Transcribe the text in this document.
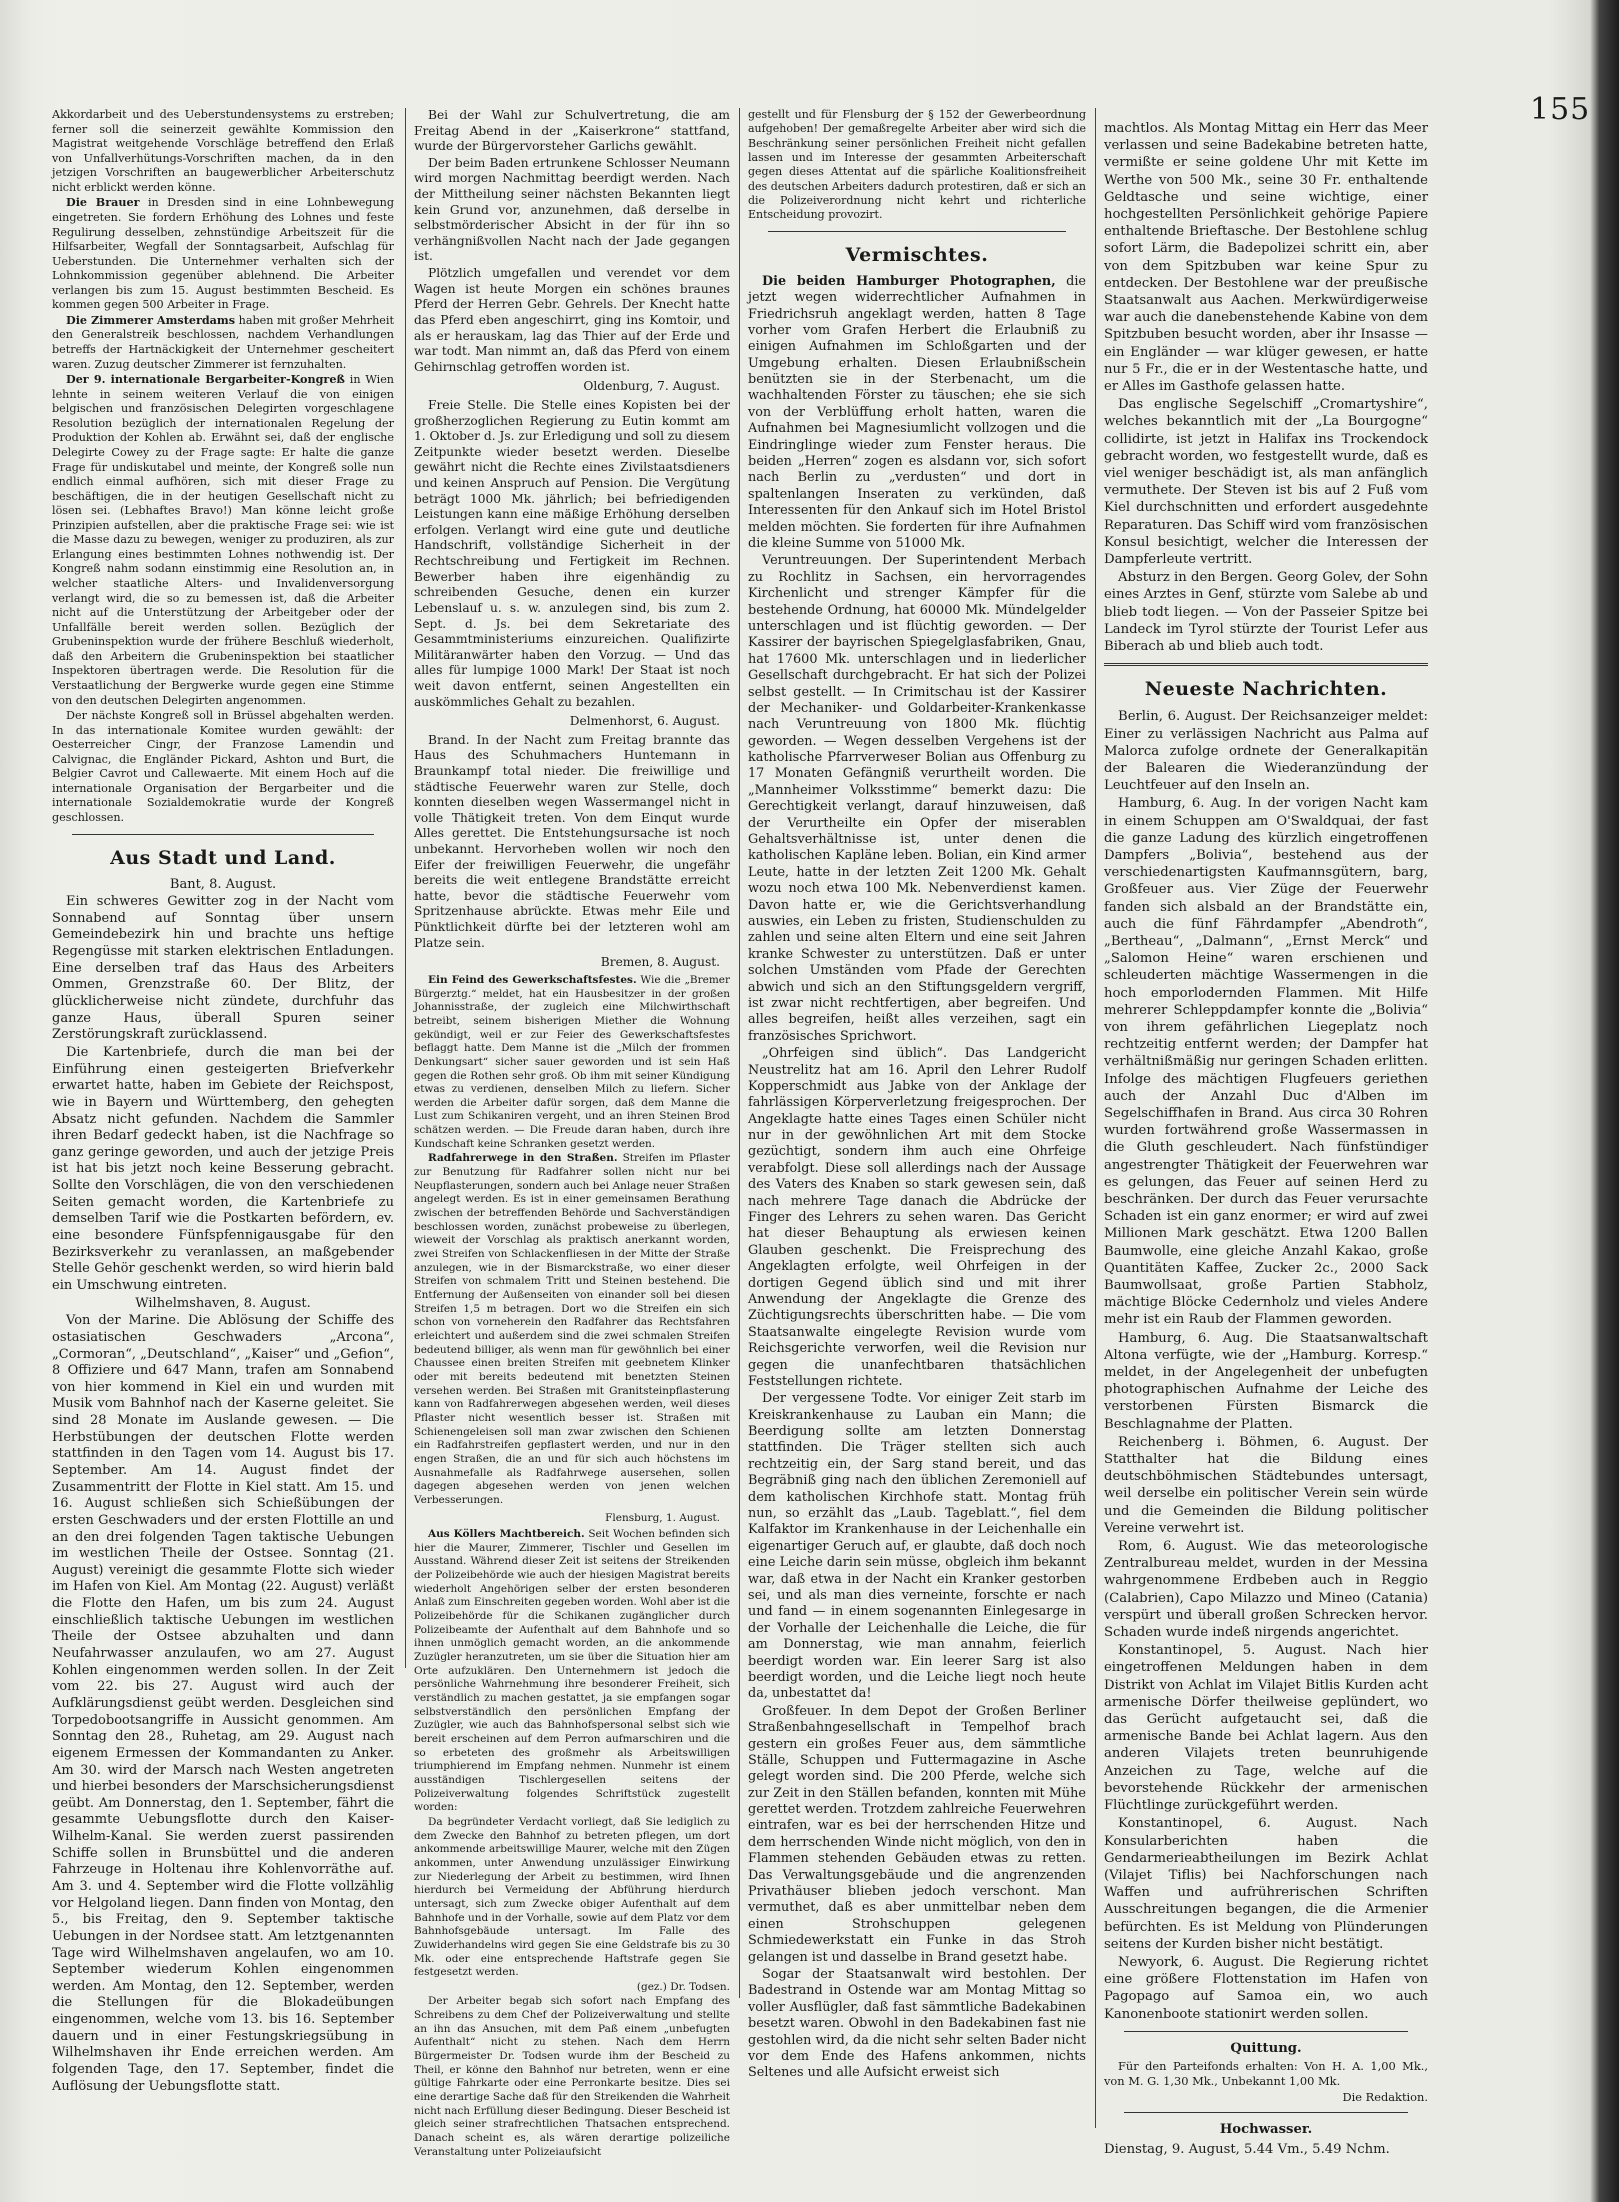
155

Akkordarbeit und des Ueberstundensystems zu erstreben; ferner soll die seinerzeit gewählte Kommission den Magistrat weitgehende Vorschläge betreffend den Erlaß von Unfallverhütungs-Vorschriften machen, da in den jetzigen Vorschriften an baugewerblicher Arbeiterschutz nicht erblickt werden könne.

Die Brauer in Dresden sind in eine Lohnbewegung eingetreten. Sie fordern Erhöhung des Lohnes und feste Regulirung desselben, zehnstündige Arbeitszeit für die Hilfsarbeiter, Wegfall der Sonntagsarbeit, Aufschlag für Ueberstunden. Die Unternehmer verhalten sich der Lohnkommission gegenüber ablehnend. Die Arbeiter verlangen bis zum 15. August bestimmten Bescheid. Es kommen gegen 500 Arbeiter in Frage.

Die Zimmerer Amsterdams haben mit großer Mehrheit den Generalstreik beschlossen, nachdem Verhandlungen betreffs der Hartnäckigkeit der Unternehmer gescheitert waren. Zuzug deutscher Zimmerer ist fernzuhalten.

Der 9. internationale Bergarbeiter-Kongreß in Wien lehnte in seinem weiteren Verlauf die von einigen belgischen und französischen Delegirten vorgeschlagene Resolution bezüglich der internationalen Regelung der Produktion der Kohlen ab. Erwähnt sei, daß der englische Delegirte Cowey zu der Frage sagte: Er halte die ganze Frage für undiskutabel und meinte, der Kongreß solle nun endlich einmal aufhören, sich mit dieser Frage zu beschäftigen, die in der heutigen Gesellschaft nicht zu lösen sei. (Lebhaftes Bravo!) Man könne leicht große Prinzipien aufstellen, aber die praktische Frage sei: wie ist die Masse dazu zu bewegen, weniger zu produziren, als zur Erlangung eines bestimmten Lohnes nothwendig ist. Der Kongreß nahm sodann einstimmig eine Resolution an, in welcher staatliche Alters- und Invalidenversorgung verlangt wird, die so zu bemessen ist, daß die Arbeiter nicht auf die Unterstützung der Arbeitgeber oder der Unfallfälle bereit werden sollen. Bezüglich der Grubeninspektion wurde der frühere Beschluß wiederholt, daß den Arbeitern die Grubeninspektion bei staatlicher Inspektoren übertragen werde. Die Resolution für die Verstaatlichung der Bergwerke wurde gegen eine Stimme von den deutschen Delegirten angenommen.

Der nächste Kongreß soll in Brüssel abgehalten werden. In das internationale Komitee wurden gewählt: der Oesterreicher Cingr, der Franzose Lamendin und Calvignac, die Engländer Pickard, Ashton und Burt, die Belgier Cavrot und Callewaerte. Mit einem Hoch auf die internationale Organisation der Bergarbeiter und die internationale Sozialdemokratie wurde der Kongreß geschlossen.

Aus Stadt und Land.

Bant, 8. August.

Ein schweres Gewitter zog in der Nacht vom Sonnabend auf Sonntag über unsern Gemeindebezirk hin und brachte uns heftige Regengüsse mit starken elektrischen Entladungen. Eine derselben traf das Haus des Arbeiters Ommen, Grenzstraße 60. Der Blitz, der glücklicherweise nicht zündete, durchfuhr das ganze Haus, überall Spuren seiner Zerstörungskraft zurücklassend.

Die Kartenbriefe, durch die man bei der Einführung einen gesteigerten Briefverkehr erwartet hatte, haben im Gebiete der Reichspost, wie in Bayern und Württemberg, den gehegten Absatz nicht gefunden. Nachdem die Sammler ihren Bedarf gedeckt haben, ist die Nachfrage so ganz geringe geworden, und auch der jetzige Preis ist hat bis jetzt noch keine Besserung gebracht. Sollte den Vorschlägen, die von den verschiedenen Seiten gemacht worden, die Kartenbriefe zu demselben Tarif wie die Postkarten befördern, ev. eine besondere Fünfspfennigausgabe für den Bezirksverkehr zu veranlassen, an maßgebender Stelle Gehör geschenkt werden, so wird hierin bald ein Umschwung eintreten.

Wilhelmshaven, 8. August.

Von der Marine. Die Ablösung der Schiffe des ostasiatischen Geschwaders „Arcona“, „Cormoran“, „Deutschland“, „Kaiser“ und „Gefion“, 8 Offiziere und 647 Mann, trafen am Sonnabend von hier kommend in Kiel ein und wurden mit Musik vom Bahnhof nach der Kaserne geleitet. Sie sind 28 Monate im Auslande gewesen. — Die Herbstübungen der deutschen Flotte werden stattfinden in den Tagen vom 14. August bis 17. September. Am 14. August findet der Zusammentritt der Flotte in Kiel statt. Am 15. und 16. August schließen sich Schießübungen der ersten Geschwaders und der ersten Flottille an und an den drei folgenden Tagen taktische Uebungen im westlichen Theile der Ostsee. Sonntag (21. August) vereinigt die gesammte Flotte sich wieder im Hafen von Kiel. Am Montag (22. August) verläßt die Flotte den Hafen, um bis zum 24. August einschließlich taktische Uebungen im westlichen Theile der Ostsee abzuhalten und dann Neufahrwasser anzulaufen, wo am 27. August Kohlen eingenommen werden sollen. In der Zeit vom 22. bis 27. August wird auch der Aufklärungsdienst geübt werden. Desgleichen sind Torpedobootsangriffe in Aussicht genommen. Am Sonntag den 28., Ruhetag, am 29. August nach eigenem Ermessen der Kommandanten zu Anker. Am 30. wird der Marsch nach Westen angetreten und hierbei besonders der Marschsicherungsdienst geübt. Am Donnerstag, den 1. September, fährt die gesammte Uebungsflotte durch den Kaiser-Wilhelm-Kanal. Sie werden zuerst passirenden Schiffe sollen in Brunsbüttel und die anderen Fahrzeuge in Holtenau ihre Kohlenvorräthe auf. Am 3. und 4. September wird die Flotte vollzählig vor Helgoland liegen. Dann finden von Montag, den 5., bis Freitag, den 9. September taktische Uebungen in der Nordsee statt. Am letztgenannten Tage wird Wilhelmshaven angelaufen, wo am 10. September wiederum Kohlen eingenommen werden. Am Montag, den 12. September, werden die Stellungen für die Blokadeübungen eingenommen, welche vom 13. bis 16. September dauern und in einer Festungskriegsübung in Wilhelmshaven ihr Ende erreichen werden. Am folgenden Tage, den 17. September, findet die Auflösung der Uebungsflotte statt.

Bei der Wahl zur Schulvertretung, die am Freitag Abend in der „Kaiserkrone“ stattfand, wurde der Bürgervorsteher Garlichs gewählt.

Der beim Baden ertrunkene Schlosser Neumann wird morgen Nachmittag beerdigt werden. Nach der Mittheilung seiner nächsten Bekannten liegt kein Grund vor, anzunehmen, daß derselbe in selbstmörderischer Absicht in der für ihn so verhängnißvollen Nacht nach der Jade gegangen ist.

Plötzlich umgefallen und verendet vor dem Wagen ist heute Morgen ein schönes braunes Pferd der Herren Gebr. Gehrels. Der Knecht hatte das Pferd eben angeschirrt, ging ins Komtoir, und als er herauskam, lag das Thier auf der Erde und war todt. Man nimmt an, daß das Pferd von einem Gehirnschlag getroffen worden ist.

Oldenburg, 7. August.

Freie Stelle. Die Stelle eines Kopisten bei der großherzoglichen Regierung zu Eutin kommt am 1. Oktober d. Js. zur Erledigung und soll zu diesem Zeitpunkte wieder besetzt werden. Dieselbe gewährt nicht die Rechte eines Zivilstaatsdieners und keinen Anspruch auf Pension. Die Vergütung beträgt 1000 Mk. jährlich; bei befriedigenden Leistungen kann eine mäßige Erhöhung derselben erfolgen. Verlangt wird eine gute und deutliche Handschrift, vollständige Sicherheit in der Rechtschreibung und Fertigkeit im Rechnen. Bewerber haben ihre eigenhändig zu schreibenden Gesuche, denen ein kurzer Lebenslauf u. s. w. anzulegen sind, bis zum 2. Sept. d. Js. bei dem Sekretariate des Gesammtministeriums einzureichen. Qualifizirte Militäranwärter haben den Vorzug. — Und das alles für lumpige 1000 Mark! Der Staat ist noch weit davon entfernt, seinen Angestellten ein auskömmliches Gehalt zu bezahlen.

Delmenhorst, 6. August.

Brand. In der Nacht zum Freitag brannte das Haus des Schuhmachers Huntemann in Braunkampf total nieder. Die freiwillige und städtische Feuerwehr waren zur Stelle, doch konnten dieselben wegen Wassermangel nicht in volle Thätigkeit treten. Von dem Einqut wurde Alles gerettet. Die Entstehungsursache ist noch unbekannt. Hervorheben wollen wir noch den Eifer der freiwilligen Feuerwehr, die ungefähr bereits die weit entlegene Brandstätte erreicht hatte, bevor die städtische Feuerwehr vom Spritzenhause abrückte. Etwas mehr Eile und Pünktlichkeit dürfte bei der letzteren wohl am Platze sein.

Bremen, 8. August.

Ein Feind des Gewerkschaftsfestes. Wie die „Bremer Bürgerztg.“ meldet, hat ein Hausbesitzer in der großen Johannisstraße, der zugleich eine Milchwirthschaft betreibt, seinem bisherigen Miether die Wohnung gekündigt, weil er zur Feier des Gewerkschaftsfestes beflaggt hatte. Dem Manne ist die „Milch der frommen Denkungsart“ sicher sauer geworden und ist sein Haß gegen die Rothen sehr groß. Ob ihm mit seiner Kündigung etwas zu verdienen, denselben Milch zu liefern. Sicher werden die Arbeiter dafür sorgen, daß dem Manne die Lust zum Schikaniren vergeht, und an ihren Steinen Brod schätzen werden. — Die Freude daran haben, durch ihre Kundschaft keine Schranken gesetzt werden.

Radfahrerwege in den Straßen. Streifen im Pflaster zur Benutzung für Radfahrer sollen nicht nur bei Neupflasterungen, sondern auch bei Anlage neuer Straßen angelegt werden. Es ist in einer gemeinsamen Berathung zwischen der betreffenden Behörde und Sachverständigen beschlossen worden, zunächst probeweise zu überlegen, wieweit der Vorschlag als praktisch anerkannt worden, zwei Streifen von Schlackenfliesen in der Mitte der Straße anzulegen, wie in der Bismarckstraße, wo einer dieser Streifen von schmalem Tritt und Steinen bestehend. Die Entfernung der Außenseiten von einander soll bei diesen Streifen 1,5 m betragen. Dort wo die Streifen ein sich schon von vorneherein den Radfahrer das Rechtsfahren erleichtert und außerdem sind die zwei schmalen Streifen bedeutend billiger, als wenn man für gewöhnlich bei einer Chaussee einen breiten Streifen mit geebnetem Klinker oder mit bereits bedeutend mit benetzten Steinen versehen werden. Bei Straßen mit Granitsteinpflasterung kann von Radfahrerwegen abgesehen werden, weil dieses Pflaster nicht wesentlich besser ist. Straßen mit Schienengeleisen soll man zwar zwischen den Schienen ein Radfahrstreifen gepflastert werden, und nur in den engen Straßen, die an und für sich auch höchstens im Ausnahmefalle als Radfahrwege ausersehen, sollen dagegen abgesehen werden von jenen welchen Verbesserungen.

Flensburg, 1. August.

Aus Köllers Machtbereich. Seit Wochen befinden sich hier die Maurer, Zimmerer, Tischler und Gesellen im Ausstand. Während dieser Zeit ist seitens der Streikenden der Polizeibehörde wie auch der hiesigen Magistrat bereits wiederholt Angehörigen selber der ersten besonderen Anlaß zum Einschreiten gegeben worden. Wohl aber ist die Polizeibehörde für die Schikanen zugänglicher durch Polizeibeamte der Aufenthalt auf dem Bahnhofe und so ihnen unmöglich gemacht worden, an die ankommende Zuzügler heranzutreten, um sie über die Situation hier am Orte aufzuklären. Den Unternehmern ist jedoch die persönliche Wahrnehmung ihre besonderer Freiheit, sich verständlich zu machen gestattet, ja sie empfangen sogar selbstverständlich den persönlichen Empfang der Zuzügler, wie auch das Bahnhofspersonal selbst sich wie bereit erscheinen auf dem Perron aufmarschiren und die so erbeteten des großmehr als Arbeitswilligen triumphierend im Empfang nehmen. Nunmehr ist einem ausständigen Tischlergesellen seitens der Polizeiverwaltung folgendes Schriftstück zugestellt worden:

Da begründeter Verdacht vorliegt, daß Sie lediglich zu dem Zwecke den Bahnhof zu betreten pflegen, um dort ankommende arbeitswillige Maurer, welche mit den Zügen ankommen, unter Anwendung unzulässiger Einwirkung zur Niederlegung der Arbeit zu bestimmen, wird Ihnen hierdurch bei Vermeidung der Abführung hierdurch untersagt, sich zum Zwecke obiger Aufenthalt auf dem Bahnhofe und in der Vorhalle, sowie auf dem Platz vor dem Bahnhofsgebäude untersagt. Im Falle des Zuwiderhandelns wird gegen Sie eine Geldstrafe bis zu 30 Mk. oder eine entsprechende Haftstrafe gegen Sie festgesetzt werden.

(gez.) Dr. Todsen.

Der Arbeiter begab sich sofort nach Empfang des Schreibens zu dem Chef der Polizeiverwaltung und stellte an ihn das Ansuchen, mit dem Paß einem „unbefugten Aufenthalt“ nicht zu stehen. Nach dem Herrn Bürgermeister Dr. Todsen wurde ihm der Bescheid zu Theil, er könne den Bahnhof nur betreten, wenn er eine gültige Fahrkarte oder eine Perronkarte besitze. Dies sei eine derartige Sache daß für den Streikenden die Wahrheit nicht nach Erfüllung dieser Bedingung. Dieser Bescheid ist gleich seiner strafrechtlichen Thatsachen entsprechend. Danach scheint es, als wären derartige polizeiliche Veranstaltung unter Polizeiaufsicht

gestellt und für Flensburg der § 152 der Gewerbeordnung aufgehoben! Der gemaßregelte Arbeiter aber wird sich die Beschränkung seiner persönlichen Freiheit nicht gefallen lassen und im Interesse der gesammten Arbeiterschaft gegen dieses Attentat auf die spärliche Koalitionsfreiheit des deutschen Arbeiters dadurch protestiren, daß er sich an die Polizeiverordnung nicht kehrt und richterliche Entscheidung provozirt.

Vermischtes.

Die beiden Hamburger Photographen, die jetzt wegen widerrechtlicher Aufnahmen in Friedrichsruh angeklagt werden, hatten 8 Tage vorher vom Grafen Herbert die Erlaubniß zu einigen Aufnahmen im Schloßgarten und der Umgebung erhalten. Diesen Erlaubnißschein benützten sie in der Sterbenacht, um die wachhaltenden Förster zu täuschen; ehe sie sich von der Verblüffung erholt hatten, waren die Aufnahmen bei Magnesiumlicht vollzogen und die Eindringlinge wieder zum Fenster heraus. Die beiden „Herren“ zogen es alsdann vor, sich sofort nach Berlin zu „verdusten“ und dort in spaltenlangen Inseraten zu verkünden, daß Interessenten für den Ankauf sich im Hotel Bristol melden möchten. Sie forderten für ihre Aufnahmen die kleine Summe von 51000 Mk.

Veruntreuungen. Der Superintendent Merbach zu Rochlitz in Sachsen, ein hervorragendes Kirchenlicht und strenger Kämpfer für die bestehende Ordnung, hat 60000 Mk. Mündelgelder unterschlagen und ist flüchtig geworden. — Der Kassirer der bayrischen Spiegelglasfabriken, Gnau, hat 17600 Mk. unterschlagen und in liederlicher Gesellschaft durchgebracht. Er hat sich der Polizei selbst gestellt. — In Crimitschau ist der Kassirer der Mechaniker- und Goldarbeiter-Krankenkasse nach Veruntreuung von 1800 Mk. flüchtig geworden. — Wegen desselben Vergehens ist der katholische Pfarrverweser Bolian aus Offenburg zu 17 Monaten Gefängniß verurtheilt worden. Die „Mannheimer Volksstimme“ bemerkt dazu: Die Gerechtigkeit verlangt, darauf hinzuweisen, daß der Verurtheilte ein Opfer der miserablen Gehaltsverhältnisse ist, unter denen die katholischen Kapläne leben. Bolian, ein Kind armer Leute, hatte in der letzten Zeit 1200 Mk. Gehalt wozu noch etwa 100 Mk. Nebenverdienst kamen. Davon hatte er, wie die Gerichtsverhandlung auswies, ein Leben zu fristen, Studienschulden zu zahlen und seine alten Eltern und eine seit Jahren kranke Schwester zu unterstützen. Daß er unter solchen Umständen vom Pfade der Gerechten abwich und sich an den Stiftungsgeldern vergriff, ist zwar nicht rechtfertigen, aber begreifen. Und alles begreifen, heißt alles verzeihen, sagt ein französisches Sprichwort.

„Ohrfeigen sind üblich“. Das Landgericht Neustrelitz hat am 16. April den Lehrer Rudolf Kopperschmidt aus Jabke von der Anklage der fahrlässigen Körperverletzung freigesprochen. Der Angeklagte hatte eines Tages einen Schüler nicht nur in der gewöhnlichen Art mit dem Stocke gezüchtigt, sondern ihm auch eine Ohrfeige verabfolgt. Diese soll allerdings nach der Aussage des Vaters des Knaben so stark gewesen sein, daß nach mehrere Tage danach die Abdrücke der Finger des Lehrers zu sehen waren. Das Gericht hat dieser Behauptung als erwiesen keinen Glauben geschenkt. Die Freisprechung des Angeklagten erfolgte, weil Ohrfeigen in der dortigen Gegend üblich sind und mit ihrer Anwendung der Angeklagte die Grenze des Züchtigungsrechts überschritten habe. — Die vom Staatsanwalte eingelegte Revision wurde vom Reichsgerichte verworfen, weil die Revision nur gegen die unanfechtbaren thatsächlichen Feststellungen richtete.

Der vergessene Todte. Vor einiger Zeit starb im Kreiskrankenhause zu Lauban ein Mann; die Beerdigung sollte am letzten Donnerstag stattfinden. Die Träger stellten sich auch rechtzeitig ein, der Sarg stand bereit, und das Begräbniß ging nach den üblichen Zeremoniell auf dem katholischen Kirchhofe statt. Montag früh nun, so erzählt das „Laub. Tageblatt.“, fiel dem Kalfaktor im Krankenhause in der Leichenhalle ein eigenartiger Geruch auf, er glaubte, daß doch noch eine Leiche darin sein müsse, obgleich ihm bekannt war, daß etwa in der Nacht ein Kranker gestorben sei, und als man dies verneinte, forschte er nach und fand — in einem sogenannten Einlegesarge in der Vorhalle der Leichenhalle die Leiche, die für am Donnerstag, wie man annahm, feierlich beerdigt worden war. Ein leerer Sarg ist also beerdigt worden, und die Leiche liegt noch heute da, unbestattet da!

Großfeuer. In dem Depot der Großen Berliner Straßenbahngesellschaft in Tempelhof brach gestern ein großes Feuer aus, dem sämmtliche Ställe, Schuppen und Futtermagazine in Asche gelegt worden sind. Die 200 Pferde, welche sich zur Zeit in den Ställen befanden, konnten mit Mühe gerettet werden. Trotzdem zahlreiche Feuerwehren eintrafen, war es bei der herrschenden Hitze und dem herrschenden Winde nicht möglich, von den in Flammen stehenden Gebäuden etwas zu retten. Das Verwaltungsgebäude und die angrenzenden Privathäuser blieben jedoch verschont. Man vermuthet, daß es aber unmittelbar neben dem einen Strohschuppen gelegenen Schmiedewerkstatt ein Funke in das Stroh gelangen ist und dasselbe in Brand gesetzt habe.

Sogar der Staatsanwalt wird bestohlen. Der Badestrand in Ostende war am Montag Mittag so voller Ausflügler, daß fast sämmtliche Badekabinen besetzt waren. Obwohl in den Badekabinen fast nie gestohlen wird, da die nicht sehr selten Bader nicht vor dem Ende des Hafens ankommen, nichts Seltenes und alle Aufsicht erweist sich

machtlos. Als Montag Mittag ein Herr das Meer verlassen und seine Badekabine betreten hatte, vermißte er seine goldene Uhr mit Kette im Werthe von 500 Mk., seine 30 Fr. enthaltende Geldtasche und seine wichtige, einer hochgestellten Persönlichkeit gehörige Papiere enthaltende Brieftasche. Der Bestohlene schlug sofort Lärm, die Badepolizei schritt ein, aber von dem Spitzbuben war keine Spur zu entdecken. Der Bestohlene war der preußische Staatsanwalt aus Aachen. Merkwürdigerweise war auch die danebenstehende Kabine von dem Spitzbuben besucht worden, aber ihr Insasse — ein Engländer — war klüger gewesen, er hatte nur 5 Fr., die er in der Westentasche hatte, und er Alles im Gasthofe gelassen hatte.

Das englische Segelschiff „Cromartyshire“, welches bekanntlich mit der „La Bourgogne“ collidirte, ist jetzt in Halifax ins Trockendock gebracht worden, wo festgestellt wurde, daß es viel weniger beschädigt ist, als man anfänglich vermuthete. Der Steven ist bis auf 2 Fuß vom Kiel durchschnitten und erfordert ausgedehnte Reparaturen. Das Schiff wird vom französischen Konsul besichtigt, welcher die Interessen der Dampferleute vertritt.

Absturz in den Bergen. Georg Golev, der Sohn eines Arztes in Genf, stürzte vom Salebe ab und blieb todt liegen. — Von der Passeier Spitze bei Landeck im Tyrol stürzte der Tourist Lefer aus Biberach ab und blieb auch todt.

Neueste Nachrichten.

Berlin, 6. August. Der Reichsanzeiger meldet: Einer zu verlässigen Nachricht aus Palma auf Malorca zufolge ordnete der Generalkapitän der Balearen die Wiederanzündung der Leuchtfeuer auf den Inseln an.

Hamburg, 6. Aug. In der vorigen Nacht kam in einem Schuppen am O'Swaldquai, der fast die ganze Ladung des kürzlich eingetroffenen Dampfers „Bolivia“, bestehend aus der verschiedenartigsten Kaufmannsgütern, barg, Großfeuer aus. Vier Züge der Feuerwehr fanden sich alsbald an der Brandstätte ein, auch die fünf Fährdampfer „Abendroth“, „Bertheau“, „Dalmann“, „Ernst Merck“ und „Salomon Heine“ waren erschienen und schleuderten mächtige Wassermengen in die hoch emporlodernden Flammen. Mit Hilfe mehrerer Schleppdampfer konnte die „Bolivia“ von ihrem gefährlichen Liegeplatz noch rechtzeitig entfernt werden; der Dampfer hat verhältnißmäßig nur geringen Schaden erlitten. Infolge des mächtigen Flugfeuers geriethen auch der Anzahl Duc d'Alben im Segelschiffhafen in Brand. Aus circa 30 Rohren wurden fortwährend große Wassermassen in die Gluth geschleudert. Nach fünfstündiger angestrengter Thätigkeit der Feuerwehren war es gelungen, das Feuer auf seinen Herd zu beschränken. Der durch das Feuer verursachte Schaden ist ein ganz enormer; er wird auf zwei Millionen Mark geschätzt. Etwa 1200 Ballen Baumwolle, eine gleiche Anzahl Kakao, große Quantitäten Kaffee, Zucker 2c., 2000 Sack Baumwollsaat, große Partien Stabholz, mächtige Blöcke Cedernholz und vieles Andere mehr ist ein Raub der Flammen geworden.

Hamburg, 6. Aug. Die Staatsanwaltschaft Altona verfügte, wie der „Hamburg. Korresp.“ meldet, in der Angelegenheit der unbefugten photographischen Aufnahme der Leiche des verstorbenen Fürsten Bismarck die Beschlagnahme der Platten.

Reichenberg i. Böhmen, 6. August. Der Statthalter hat die Bildung eines deutschböhmischen Städtebundes untersagt, weil derselbe ein politischer Verein sein würde und die Gemeinden die Bildung politischer Vereine verwehrt ist.

Rom, 6. August. Wie das meteorologische Zentralbureau meldet, wurden in der Messina wahrgenommene Erdbeben auch in Reggio (Calabrien), Capo Milazzo und Mineo (Catania) verspürt und überall großen Schrecken hervor. Schaden wurde indeß nirgends angerichtet.

Konstantinopel, 5. August. Nach hier eingetroffenen Meldungen haben in dem Distrikt von Achlat im Vilajet Bitlis Kurden acht armenische Dörfer theilweise geplündert, wo das Gerücht aufgetaucht sei, daß die armenische Bande bei Achlat lagern. Aus den anderen Vilajets treten beunruhigende Anzeichen zu Tage, welche auf die bevorstehende Rückkehr der armenischen Flüchtlinge zurückgeführt werden.

Konstantinopel, 6. August. Nach Konsularberichten haben die Gendarmerieabtheilungen im Bezirk Achlat (Vilajet Tiflis) bei Nachforschungen nach Waffen und aufrührerischen Schriften Ausschreitungen begangen, die die Armenier befürchten. Es ist Meldung von Plünderungen seitens der Kurden bisher nicht bestätigt.

Newyork, 6. August. Die Regierung richtet eine größere Flottenstation im Hafen von Pagopago auf Samoa ein, wo auch Kanonenboote stationirt werden sollen.

Quittung.

Für den Parteifonds erhalten: Von H. A. 1,00 Mk., von M. G. 1,30 Mk., Unbekannt 1,00 Mk.

Die Redaktion.

Hochwasser.

Dienstag, 9. August, 5.44 Vm., 5.49 Nchm.
